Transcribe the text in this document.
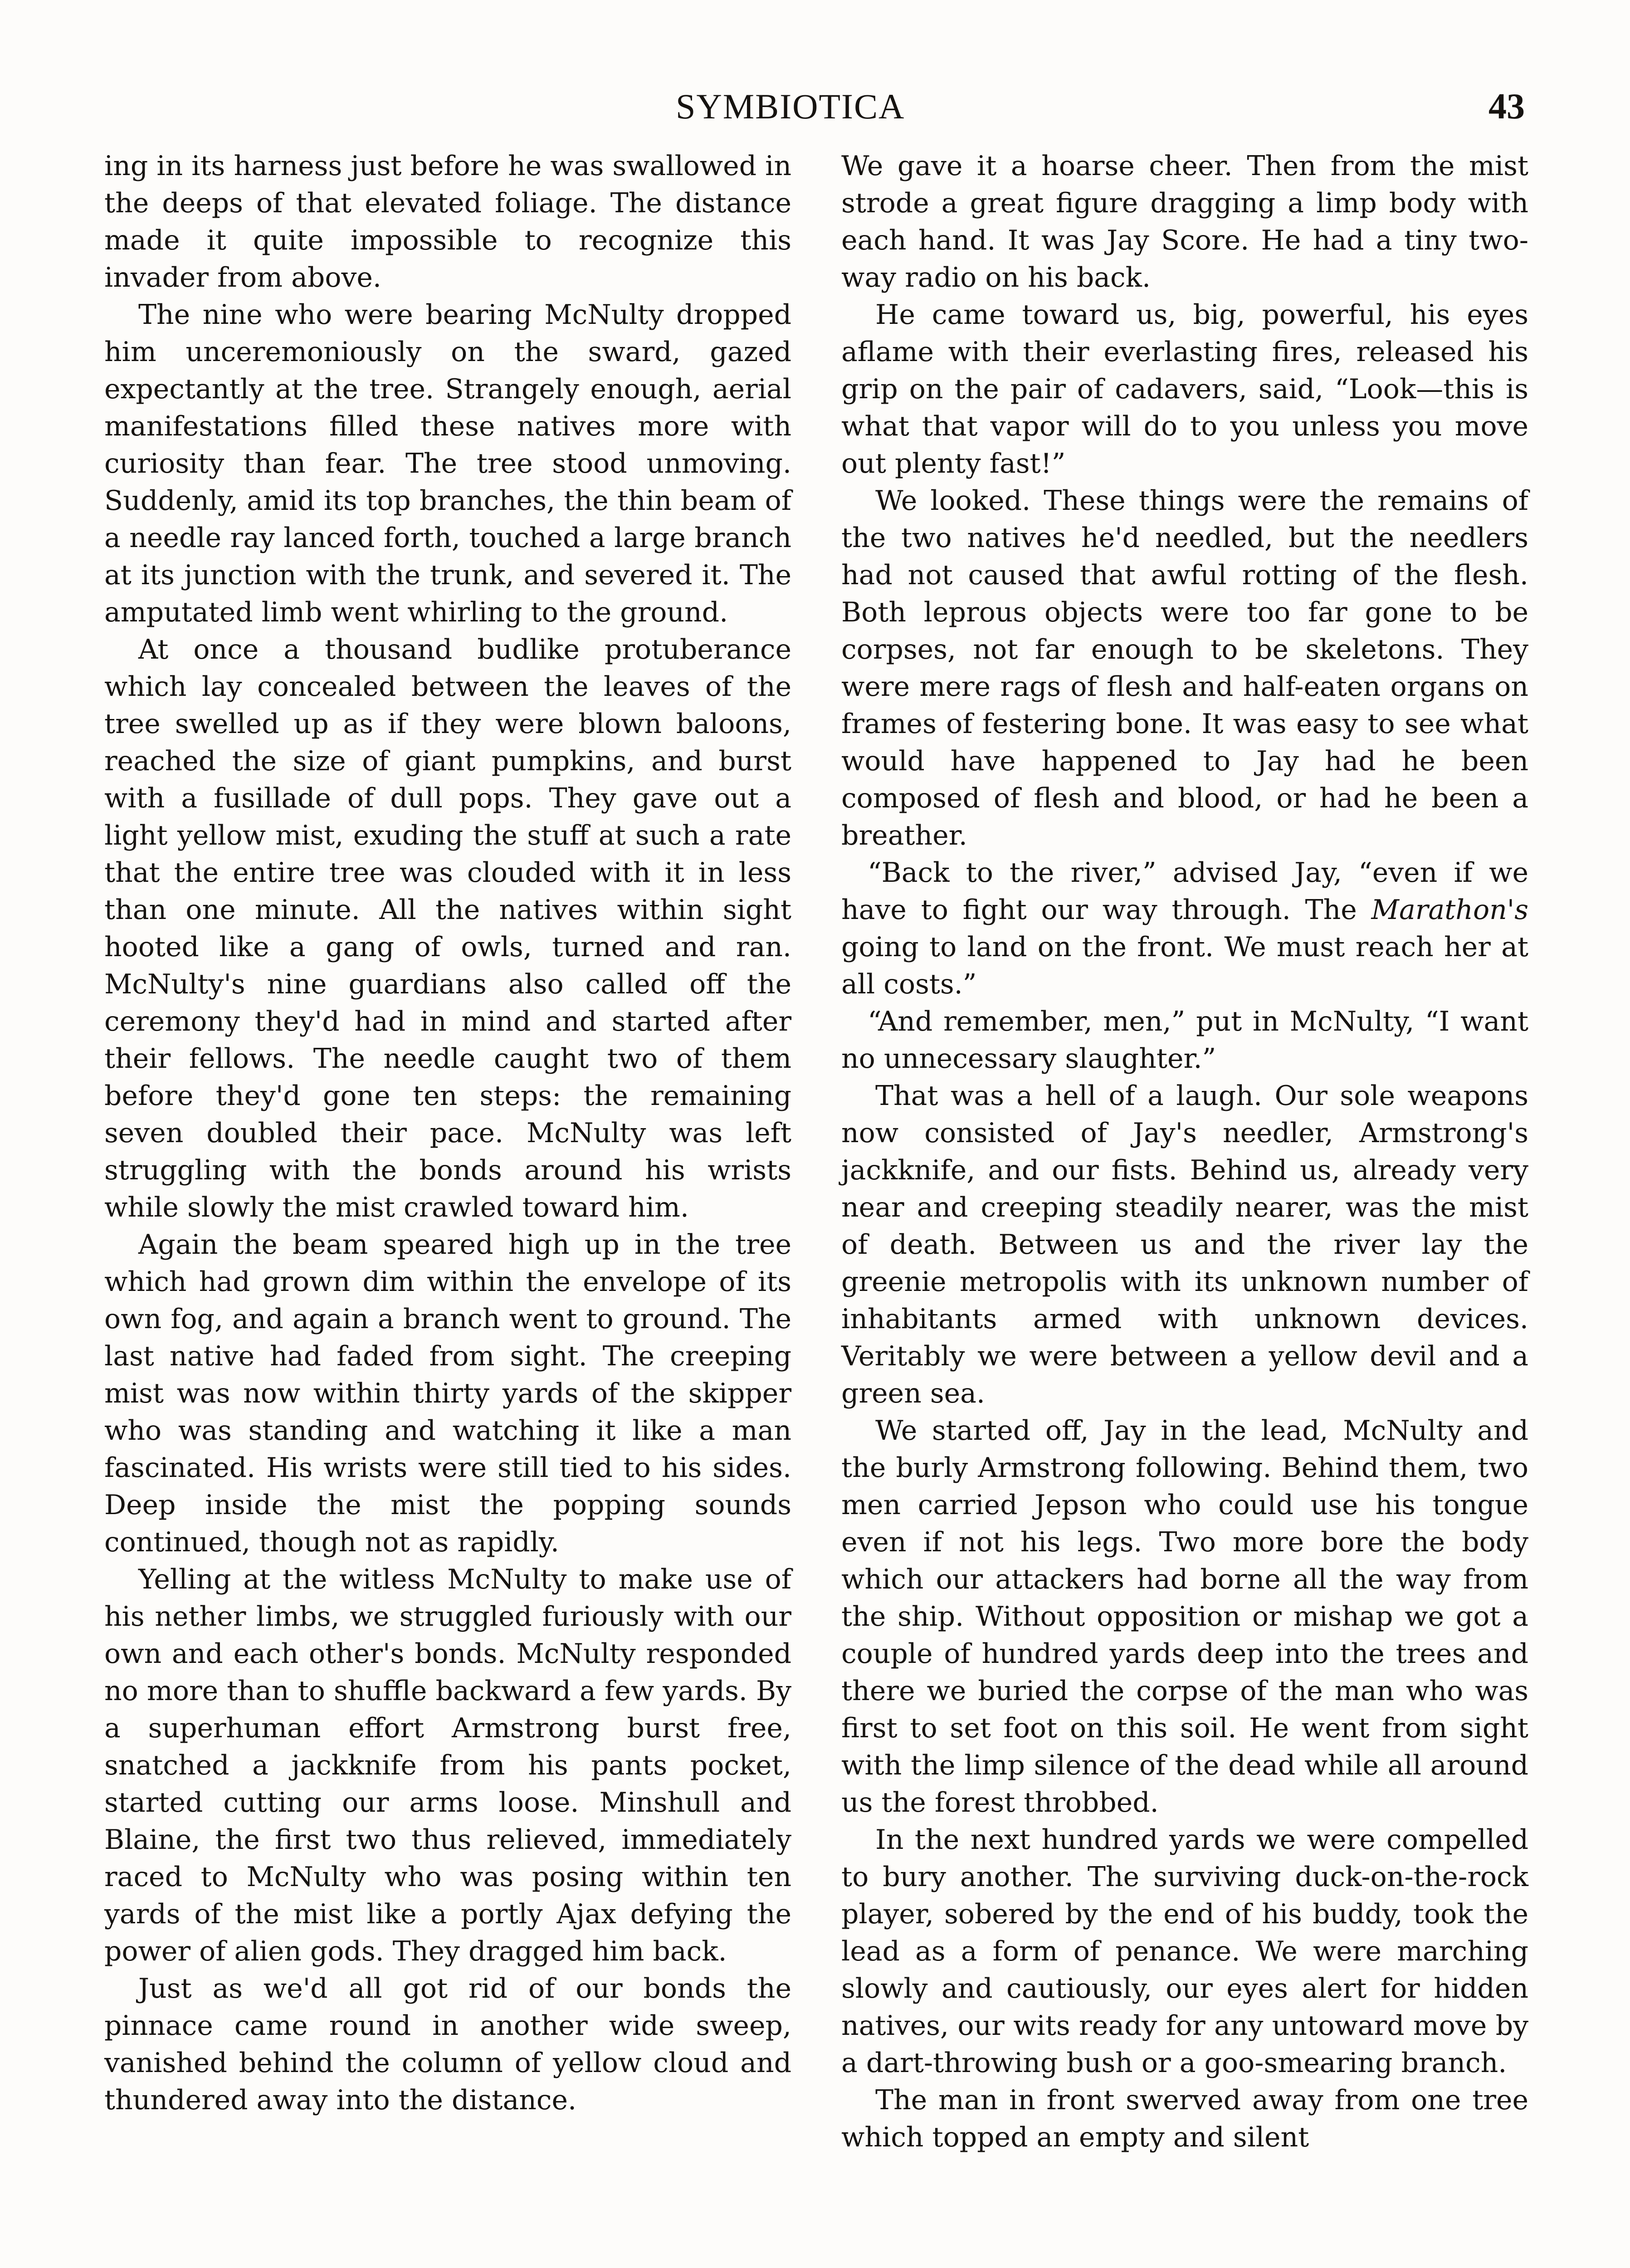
SYMBIOTICA	43

ing in its harness just before he was swallowed in the deeps of that elevated foliage. The distance made it quite impossible to recognize this invader from above.

The nine who were bearing McNulty dropped him unceremoniously on the sward, gazed expectantly at the tree. Strangely enough, aerial manifestations filled these natives more with curiosity than fear. The tree stood unmoving. Suddenly, amid its top branches, the thin beam of a needle ray lanced forth, touched a large branch at its junction with the trunk, and severed it. The amputated limb went whirling to the ground.

At once a thousand budlike protuberance which lay concealed between the leaves of the tree swelled up as if they were blown baloons, reached the size of giant pumpkins, and burst with a fusillade of dull pops. They gave out a light yellow mist, exuding the stuff at such a rate that the entire tree was clouded with it in less than one minute. All the natives within sight hooted like a gang of owls, turned and ran. McNulty's nine guardians also called off the ceremony they'd had in mind and started after their fellows. The needle caught two of them before they'd gone ten steps: the remaining seven doubled their pace. McNulty was left struggling with the bonds around his wrists while slowly the mist crawled toward him.

Again the beam speared high up in the tree which had grown dim within the envelope of its own fog, and again a branch went to ground. The last native had faded from sight. The creeping mist was now within thirty yards of the skipper who was standing and watching it like a man fascinated. His wrists were still tied to his sides. Deep inside the mist the popping sounds continued, though not as rapidly.

Yelling at the witless McNulty to make use of his nether limbs, we struggled furiously with our own and each other's bonds. McNulty responded no more than to shuffle backward a few yards. By a superhuman effort Armstrong burst free, snatched a jackknife from his pants pocket, started cutting our arms loose. Minshull and Blaine, the first two thus relieved, immediately raced to McNulty who was posing within ten yards of the mist like a portly Ajax defying the power of alien gods. They dragged him back.

Just as we'd all got rid of our bonds the pinnace came round in another wide sweep, vanished behind the column of yellow cloud and thundered away into the distance.

We gave it a hoarse cheer. Then from the mist strode a great figure dragging a limp body with each hand. It was Jay Score. He had a tiny two-way radio on his back.

He came toward us, big, powerful, his eyes aflame with their everlasting fires, released his grip on the pair of cadavers, said, “Look—this is what that vapor will do to you unless you move out plenty fast!”

We looked. These things were the remains of the two natives he'd needled, but the needlers had not caused that awful rotting of the flesh. Both leprous objects were too far gone to be corpses, not far enough to be skeletons. They were mere rags of flesh and half-eaten organs on frames of festering bone. It was easy to see what would have happened to Jay had he been composed of flesh and blood, or had he been a breather.

“Back to the river,” advised Jay, “even if we have to fight our way through. The Marathon's going to land on the front. We must reach her at all costs.”

“And remember, men,” put in McNulty, “I want no unnecessary slaughter.”

That was a hell of a laugh. Our sole weapons now consisted of Jay's needler, Armstrong's jackknife, and our fists. Behind us, already very near and creeping steadily nearer, was the mist of death. Between us and the river lay the greenie metropolis with its unknown number of inhabitants armed with unknown devices. Veritably we were between a yellow devil and a green sea.

We started off, Jay in the lead, McNulty and the burly Armstrong following. Behind them, two men carried Jepson who could use his tongue even if not his legs. Two more bore the body which our attackers had borne all the way from the ship. Without opposition or mishap we got a couple of hundred yards deep into the trees and there we buried the corpse of the man who was first to set foot on this soil. He went from sight with the limp silence of the dead while all around us the forest throbbed.

In the next hundred yards we were compelled to bury another. The surviving duck-on-the-rock player, sobered by the end of his buddy, took the lead as a form of penance. We were marching slowly and cautiously, our eyes alert for hidden natives, our wits ready for any untoward move by a dart-throwing bush or a goo-smearing branch.

The man in front swerved away from one tree which topped an empty and silent
